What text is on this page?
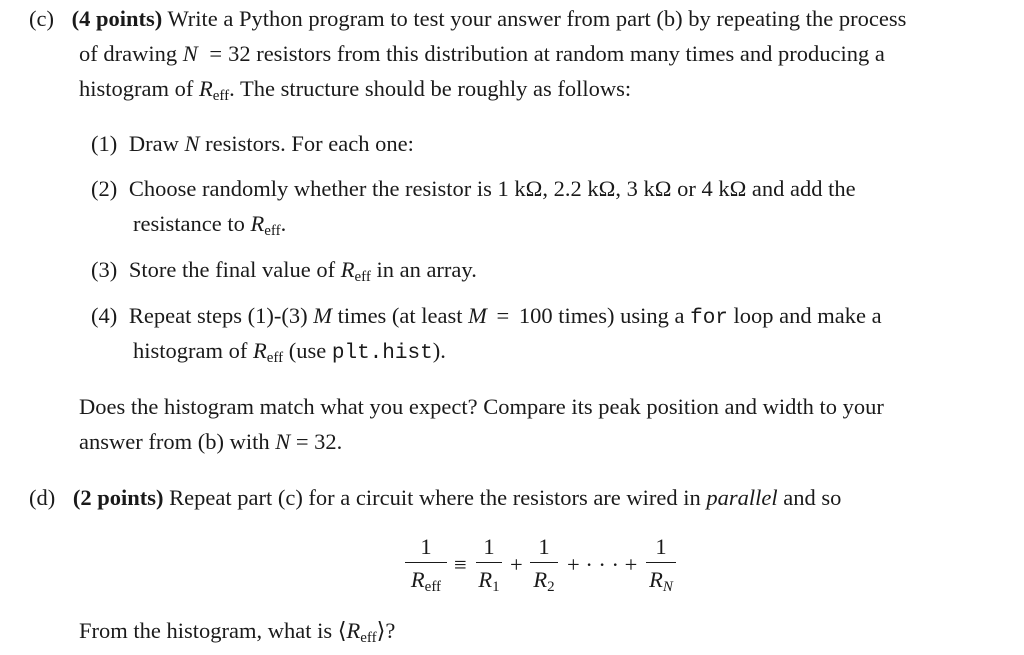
(c) (4 points) Write a Python program to test your answer from part (b) by repeating the process
of drawing N = 32 resistors from this distribution at random many times and producing a
histogram of $R_{eff}$. The structure should be roughly as follows:
(1) Draw N resistors. For each one:
(2) Choose randomly whether the resistor is 1 kΩ, 2.2 kΩ, 3 kΩ or 4 kΩ and add the
resistance to $R_{eff}$.
(3) Store the final value of $R_{eff}$ in an array.
(4) Repeat steps (1)-(3) M times (at least M = 100 times) using a for loop and make a
histogram of $R_{eff}$ (use plt.hist).
Does the histogram match what you expect? Compare its peak position and width to your
answer from (b) with N = 32.
(d) (2 points) Repeat part (c) for a circuit where the resistors are wired in parallel and so
1
$R_{eff}$
≡
1
$R_1$
+
1
$R_2$
+ · · · +
1
$R_N$
From the histogram, what is $⟨R_{eff}⟩$?
